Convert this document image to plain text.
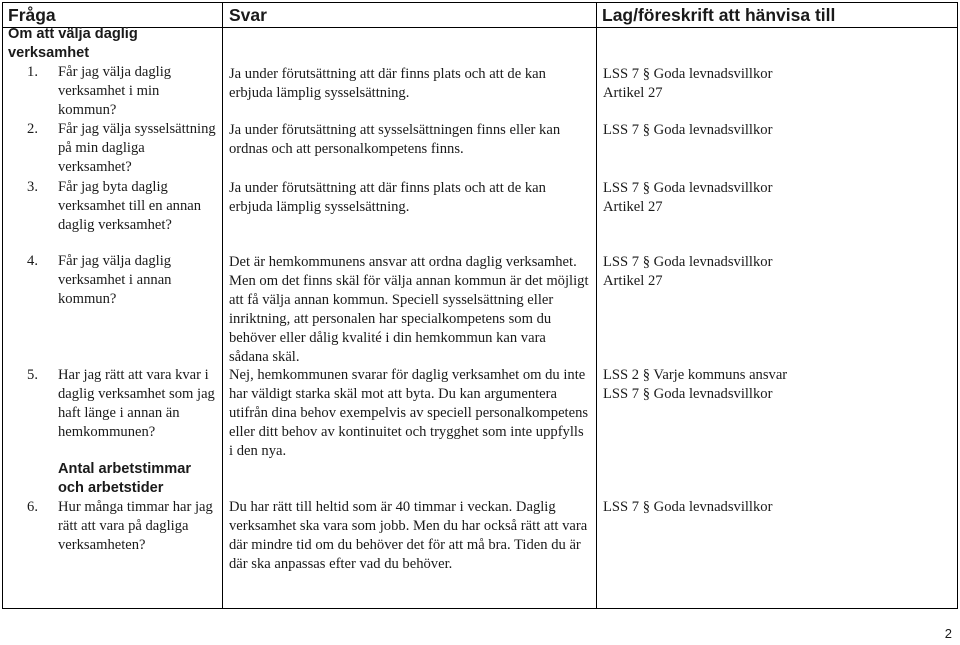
Fråga	Svar	Lag/föreskrift att hänvisa till
Om att välja daglig verksamhet
1. Får jag välja daglig verksamhet i min kommun?
Ja under förutsättning att där finns plats och att de kan erbjuda lämplig sysselsättning.
LSS 7 § Goda levnadsvillkor
Artikel 27
2. Får jag välja sysselsättning på min dagliga verksamhet?
Ja under förutsättning att sysselsättningen finns eller kan ordnas och att personalkompetens finns.
LSS 7 § Goda levnadsvillkor
3. Får jag byta daglig verksamhet till en annan daglig verksamhet?
Ja under förutsättning att där finns plats och att de kan erbjuda lämplig sysselsättning.
LSS 7 § Goda levnadsvillkor
Artikel 27
4. Får jag välja daglig verksamhet i annan kommun?
Det är hemkommunens ansvar att ordna daglig verksamhet. Men om det finns skäl för välja annan kommun är det möjligt att få välja annan kommun. Speciell sysselsättning eller inriktning, att personalen har specialkompetens som du behöver eller dålig kvalité i din hemkommun kan vara sådana skäl.
LSS 7 § Goda levnadsvillkor
Artikel 27
5. Har jag rätt att vara kvar i daglig verksamhet som jag haft länge i annan än hemkommunen?
Nej, hemkommunen svarar för daglig verksamhet om du inte har väldigt starka skäl mot att byta. Du kan argumentera utifrån dina behov exempelvis av speciell personalkompetens eller ditt behov av kontinuitet och trygghet som inte uppfylls i den nya.
LSS 2 § Varje kommuns ansvar
LSS 7 § Goda levnadsvillkor
Antal arbetstimmar och arbetstider
6. Hur många timmar har jag rätt att vara på dagliga verksamheten?
Du har rätt till heltid som är 40 timmar i veckan. Daglig verksamhet ska vara som jobb. Men du har också rätt att vara där mindre tid om du behöver det för att må bra. Tiden du är där ska anpassas efter vad du behöver.
LSS 7 § Goda levnadsvillkor
2
